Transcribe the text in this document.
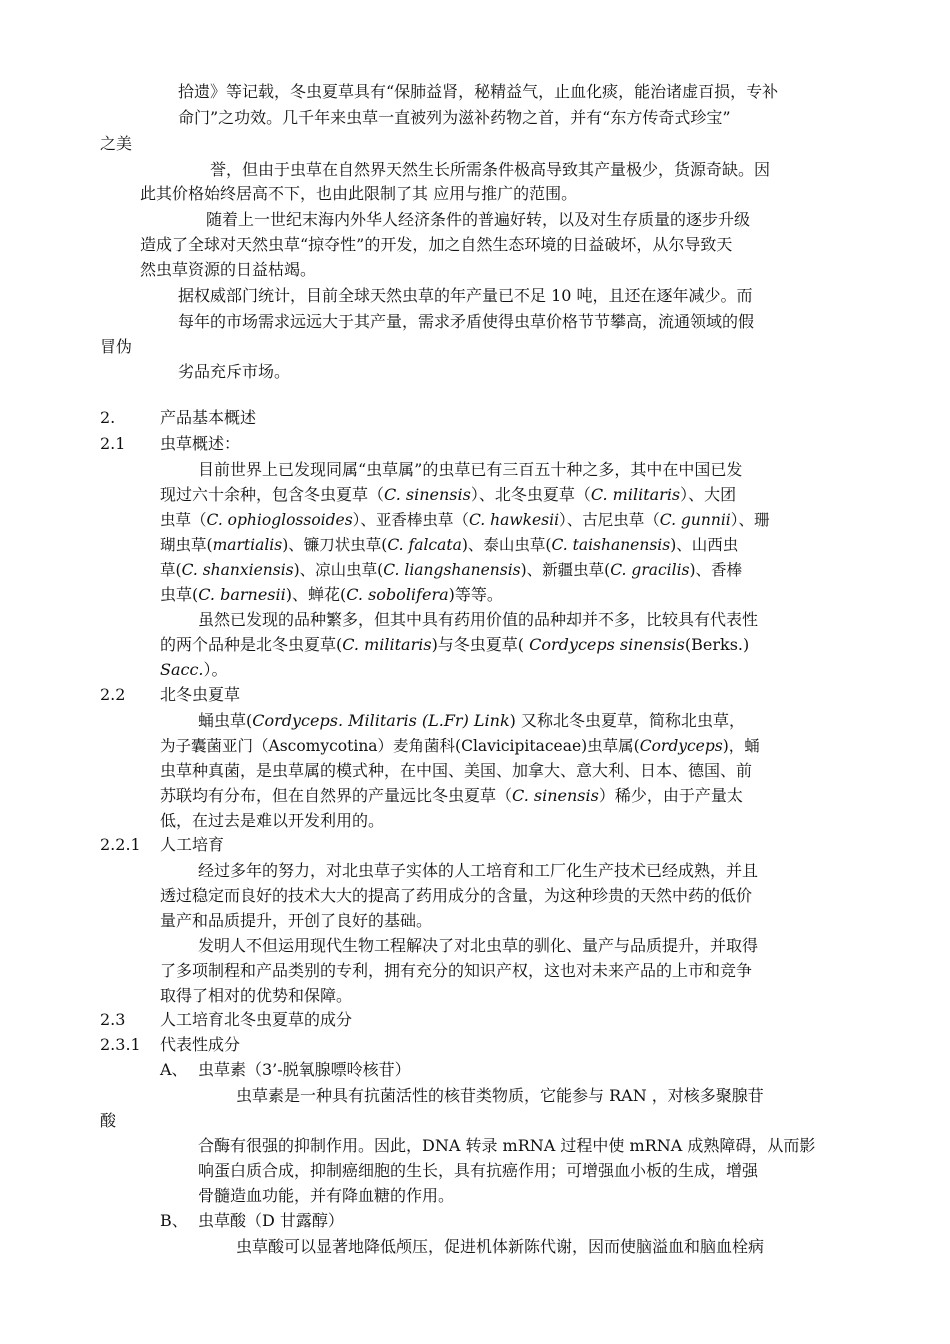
拾遗》等记载，冬虫夏草具有“保肺益肾，秘精益气，止血化痰，能治诸虚百损，专补
命门”之功效。几千年来虫草一直被列为滋补药物之首，并有“东方传奇式珍宝”
之美
誉，但由于虫草在自然界天然生长所需条件极高导致其产量极少，货源奇缺。因
此其价格始终居高不下，也由此限制了其 应用与推广的范围。
随着上一世纪末海内外华人经济条件的普遍好转，以及对生存质量的逐步升级
造成了全球对天然虫草“掠夺性”的开发，加之自然生态环境的日益破坏，从尔导致天
然虫草资源的日益枯竭。
据权威部门统计，目前全球天然虫草的年产量已不足 10 吨，且还在逐年减少。而
每年的市场需求远远大于其产量，需求矛盾使得虫草价格节节攀高，流通领域的假
冒伪
劣品充斥市场。
2.	产品基本概述
2.1 虫草概述：
目前世界上已发现同属“虫草属”的虫草已有三百五十种之多，其中在中国已发
现过六十余种，包含冬虫夏草（C. sinensis）、北冬虫夏草（C. militaris）、大团
虫草（C. ophioglossoides）、亚香棒虫草（C. hawkesii）、古尼虫草（C. gunnii）、珊
瑚虫草(martialis)、镰刀状虫草(C. falcata)、泰山虫草(C. taishanensis)、山西虫
草(C. shanxiensis)、凉山虫草(C. liangshanensis)、新疆虫草(C. gracilis)、香棒
虫草(C. barnesii)、蝉花(C. sobolifera)等等。
虽然已发现的品种繁多，但其中具有药用价值的品种却并不多，比较具有代表性
的两个品种是北冬虫夏草(C. militaris)与冬虫夏草( Cordyceps sinensis(Berks.)
Sacc.）。
2.2 北冬虫夏草
蛹虫草(Cordyceps. Militaris (L.Fr) Link) 又称北冬虫夏草，简称北虫草，
为子囊菌亚门（Ascomycotina）麦角菌科(Clavicipitaceae)虫草属(Cordyceps)，蛹
虫草种真菌，是虫草属的模式种，在中国、美国、加拿大、意大利、日本、德国、前
苏联均有分布，但在自然界的产量远比冬虫夏草（C. sinensis）稀少，由于产量太
低，在过去是难以开发利用的。
2.2.1 人工培育
经过多年的努力，对北虫草子实体的人工培育和工厂化生产技术已经成熟，并且
透过稳定而良好的技术大大的提高了药用成分的含量，为这种珍贵的天然中药的低价
量产和品质提升，开创了良好的基础。
发明人不但运用现代生物工程解决了对北虫草的驯化、量产与品质提升，并取得
了多项制程和产品类别的专利，拥有充分的知识产权，这也对未来产品的上市和竞争
取得了相对的优势和保障。
2.3 人工培育北冬虫夏草的成分
2.3.1 代表性成分
A、 虫草素（3’-脱氧腺嘌呤核苷）
虫草素是一种具有抗菌活性的核苷类物质，它能参与 RAN ，对核多聚腺苷
酸
合酶有很强的抑制作用。因此，DNA 转录 mRNA 过程中使 mRNA 成熟障碍，从而影
响蛋白质合成，抑制癌细胞的生长，具有抗癌作用；可增强血小板的生成，增强
骨髓造血功能，并有降血糖的作用。
B、 虫草酸（D 甘露醇）
虫草酸可以显著地降低颅压，促进机体新陈代谢，因而使脑溢血和脑血栓病
